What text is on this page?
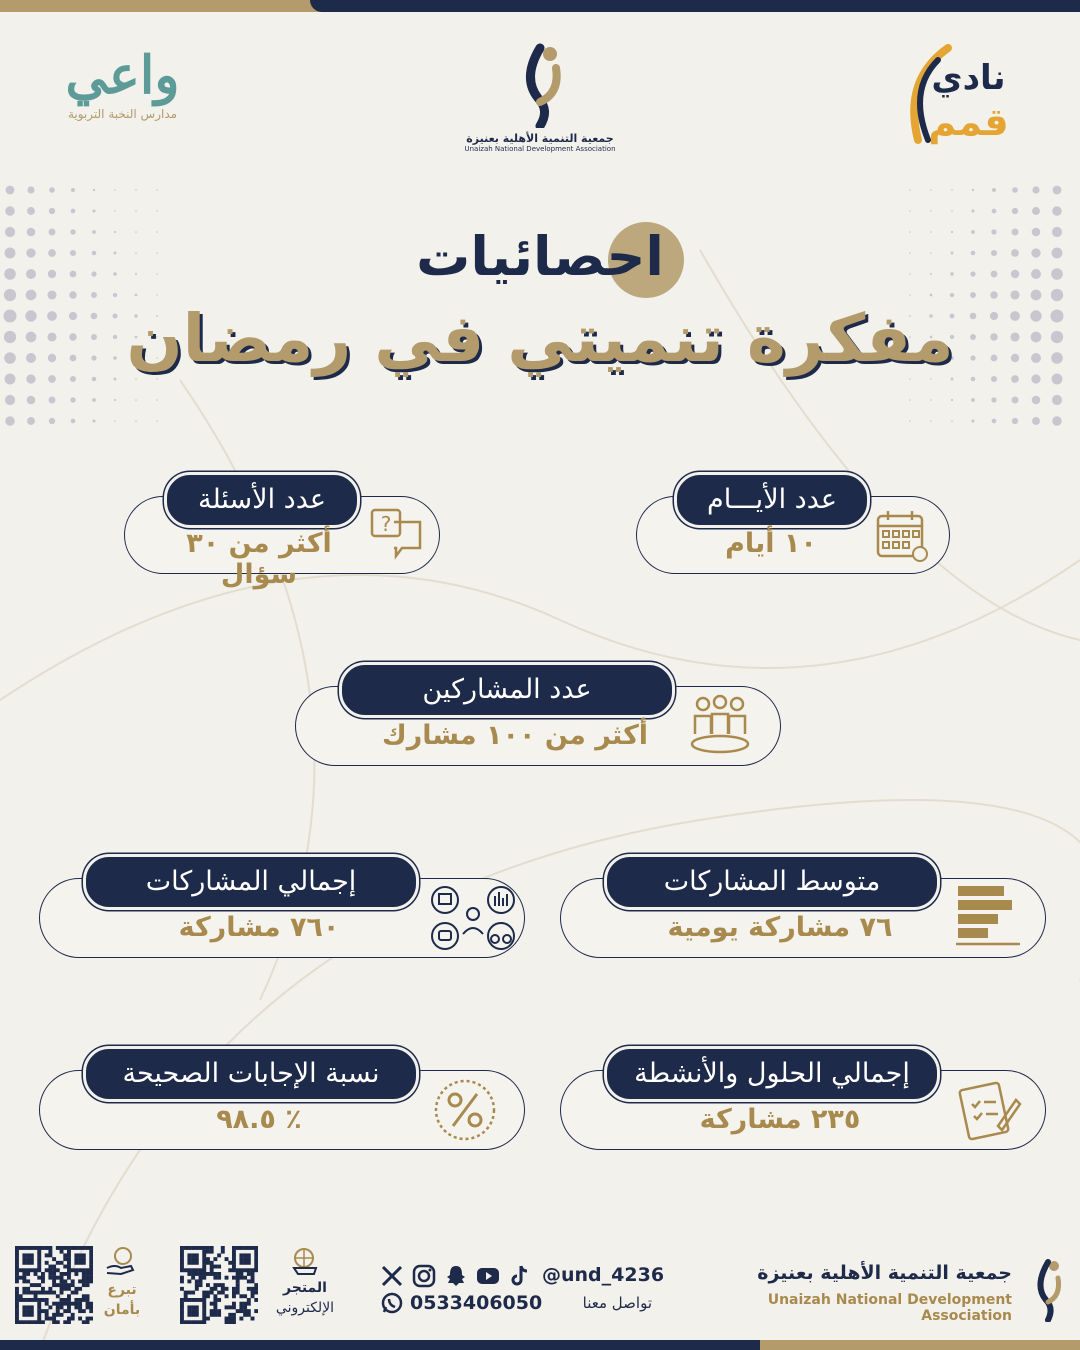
واعي
مدارس النخبة التربوية
جمعية التنمية الأهلية بعنيزة
Unaizah National Development Association
نادي
قمم
احصائيات
مفكرة تنميتي في رمضان
عدد الأيـــام
١٠ أيام
عدد الأسئلة
أكثر من ٣٠ سؤال
?
عدد المشاركين
أكثر من ١٠٠ مشارك
متوسط المشاركات
٧٦ مشاركة يومية
إجمالي المشاركات
٧٦٠ مشاركة
إجمالي الحلول والأنشطة
٢٣٥ مشاركة
نسبة الإجابات الصحيحة
٪ ٩٨.٥
جمعية التنمية الأهلية بعنيزة
Unaizah National Development Association
@und_4236
0533406050	تواصل معنا
المتجر
الإلكتروني
تبرع
بأمان
